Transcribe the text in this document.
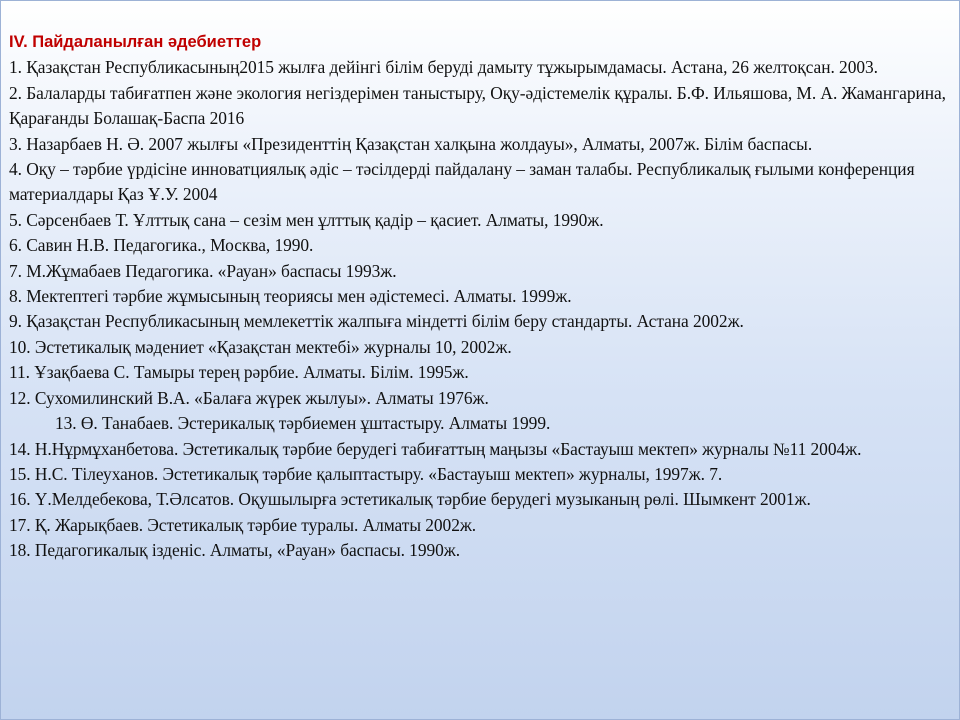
IV. Пайдаланылған әдебиеттер

1. Қазақстан Республикасының2015 жылға дейінгі білім беруді дамыту тұжырымдамасы. Астана, 26 желтоқсан. 2003.

2. Балаларды табиғатпен және экология негіздерімен таныстыру, Оқу-әдістемелік құралы. Б.Ф. Ильяшова, М. А. Жамангарина, Қарағанды Болашақ-Баспа 2016

3. Назарбаев Н. Ә. 2007 жылғы «Президенттің Қазақстан халқына жолдауы», Алматы, 2007ж. Білім баспасы.

4. Оқу – тәрбие үрдісіне инноватциялық әдіс – тәсілдерді пайдалану – заман талабы. Республикалық ғылыми конференция материалдары Қаз Ұ.У. 2004

5. Сәрсенбаев Т. Ұлттық сана – сезім мен ұлттық қадір – қасиет. Алматы, 1990ж.

6. Савин Н.В. Педагогика., Москва, 1990.

7. М.Жұмабаев Педагогика. «Рауан» баспасы 1993ж.

8. Мектептегі тәрбие жұмысының теориясы мен әдістемесі. Алматы. 1999ж.

9. Қазақстан Республикасының мемлекеттік жалпыға міндетті білім беру стандарты. Астана 2002ж.

10. Эстетикалық мәдениет «Қазақстан мектебі» журналы 10, 2002ж.

11. Ұзақбаева С. Тамыры терең рәрбие. Алматы. Білім. 1995ж.

12. Сухомилинский В.А. «Балаға жүрек жылуы». Алматы 1976ж.

13. Ө. Танабаев. Эстерикалық тәрбиемен ұштастыру. Алматы 1999.

14. Н.Нұрмұханбетова. Эстетикалық тәрбие берудегі табиғаттың маңызы «Бастауыш мектеп» журналы №11 2004ж.

15. Н.С. Тілеуханов. Эстетикалық тәрбие қалыптастыру. «Бастауыш мектеп» журналы, 1997ж. 7.

16. Ү.Мелдебекова, Т.Әлсатов. Оқушылырға эстетикалық тәрбие берудегі музыканың рөлі. Шымкент 2001ж.

17. Қ. Жарықбаев. Эстетикалық тәрбие туралы. Алматы 2002ж.

18. Педагогикалық ізденіс. Алматы, «Рауан» баспасы. 1990ж.
